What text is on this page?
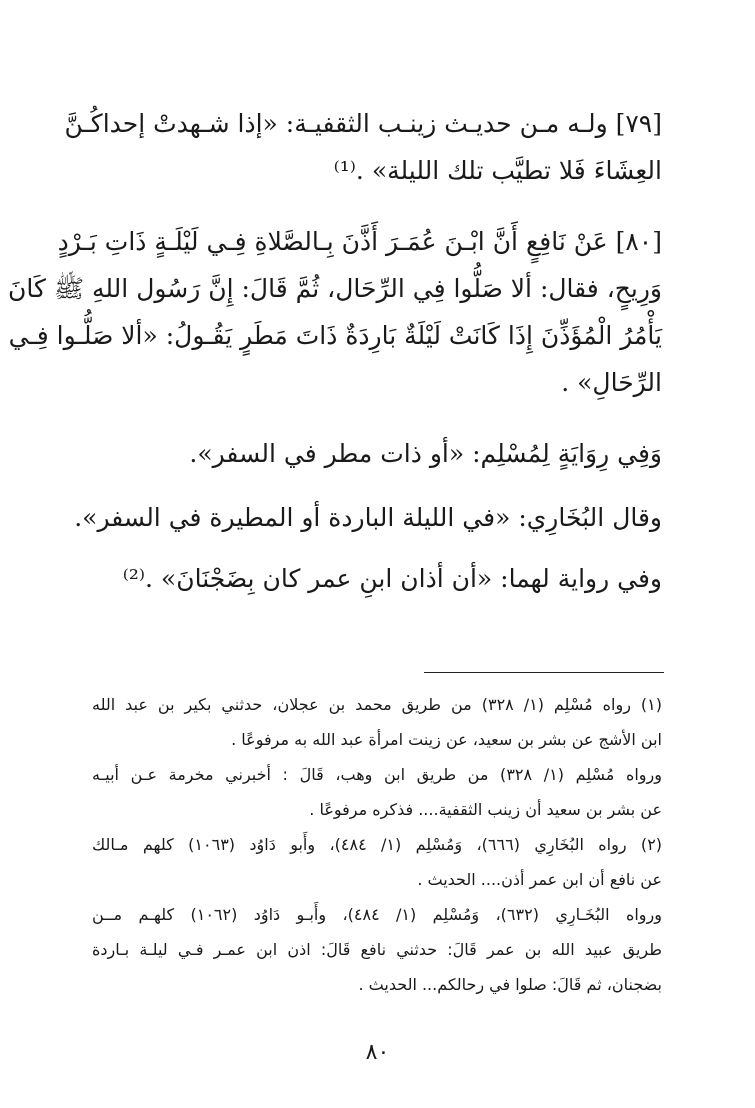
[٧٩] ولـه مـن حديـث زينـب الثقفيـة: «إذا شـهدتْ إحداكُـنَّ
العِشَاءَ فَلا تطيَّب تلك الليلة» .⁽¹⁾
[٨٠] عَنْ نَافِعٍ أَنَّ ابْـنَ عُمَـرَ أَذَّنَ بِـالصَّلاةِ فِـي لَيْلَـةٍ ذَاتِ بَـرْدٍ
وَرِيحٍ، فقال: ألا صَلُّوا فِي الرِّحَال، ثُمَّ قَالَ: إِنَّ رَسُول اللهِ ﷺ كَانَ
يَأْمُرُ الْمُؤَذِّنَ إِذَا كَانَتْ لَيْلَةٌ بَارِدَةٌ ذَاتَ مَطَرٍ يَقُـولُ: «ألا صَلُّـوا فِـي
الرِّحَالِ» .
وَفِي رِوَايَةٍ لِمُسْلِم: «أو ذات مطر في السفر».
وقال البُخَارِي: «في الليلة الباردة أو المطيرة في السفر».
وفي رواية لهما: «أن أذان ابنِ عمر كان بِضَجْنَانَ» .⁽²⁾
(١) رواه مُسْلِم (١/ ٣٢٨) من طريق محمد بن عجلان، حدثني بكير بن عبد الله
ابن الأشج عن بشر بن سعيد، عن زينت امرأة عبد الله به مرفوعًا .
ورواه مُسْلِم (١/ ٣٢٨) من طريق ابن وهب، قَالَ : أخبرني مخرمة عـن أبيـه
عن بشر بن سعيد أن زينب الثقفية.... فذكره مرفوعًا .
(٢) رواه البُخَارِي (٦٦٦)، وَمُسْلِم (١/ ٤٨٤)، وأَبو دَاوُد (١٠٦٣) كلهم مـالك
عن نافع أن ابن عمر أذن.... الحديث .
ورواه البُخَـارِي (٦٣٢)، وَمُسْلِم (١/ ٤٨٤)، وأَبـو دَاوُد (١٠٦٢) كلهـم مــن
طريق عبيد الله بن عمر قَالَ: حدثني نافع قَالَ: اذن ابن عمـر فـي ليلـة بـاردة
بضجنان، ثم قَالَ: صلوا في رحالكم... الحديث .
٨٠
